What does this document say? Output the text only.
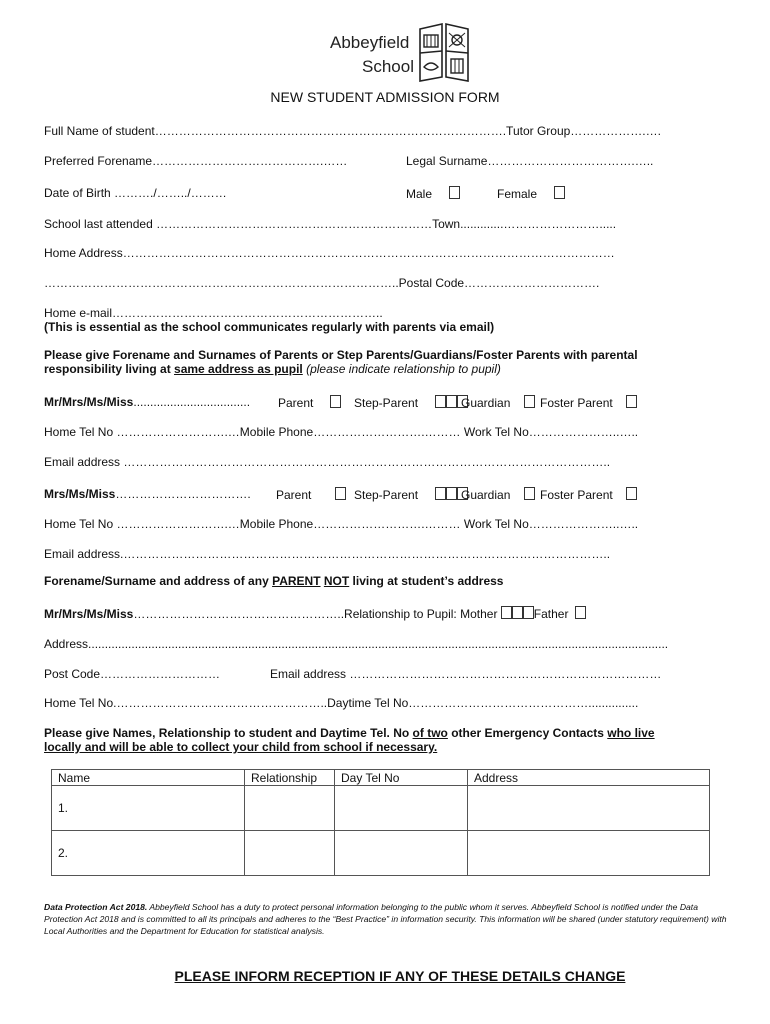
Abbeyfield
School
NEW STUDENT ADMISSION FORM
Full Name of student…………………………………………………………………………….Tutor Group……………….….
Preferred Forename…………………………………….……	Legal Surname……………………………….…..
Date of Birth ………./……../………	Male	Female
School last attended ……………………………………………………………Town.............…………………….....
Home Address……………………………………………………………………………………………………………
……………………………………………………………………………..Postal Code…………………………….
Home e-mail…………………………………………………………..
(This is essential as the school communicates regularly with parents via email)
Please give Forename and Surnames of Parents or Step Parents/Guardians/Foster Parents with parental
responsibility living at same address as pupil (please indicate relationship to pupil)
Mr/Mrs/Ms/Miss................................... Parent	Step-Parent	Guardian	Foster Parent
Home Tel No ……………………….…Mobile Phone……………………….……… Work Tel No…………………..…..
Email address …………………………………………………………………………………………………………..
Mrs/Ms/Miss……………………………. Parent	Step-Parent	Guardian	Foster Parent
Home Tel No ……………………….…Mobile Phone……………………….……… Work Tel No…………………..…..
Email address.…………………………………………………………………………………………………………..
Forename/Surname and address of any PARENT NOT living at student’s address
Mr/Mrs/Ms/Miss……………………………………………..Relationship to Pupil: Mother	Father
Address..............................................................................................................................................................................
Post Code…………………………	Email address ……………………………………………………………………
Home Tel No.……………………………………………..Daytime Tel No………………………………………...............
Please give Names, Relationship to student and Daytime Tel. No of two other Emergency Contacts who live
locally and will be able to collect your child from school if necessary.
Name	Relationship	Day Tel No	Address
1.			
2.			
Data Protection Act 2018. Abbeyfield School has a duty to protect personal information belonging to the public whom it serves. Abbeyfield School is notified under the Data Protection Act 2018 and is committed to all its principals and adheres to the “Best Practice” in information security. This information will be shared (under statutory requirement) with Local Authorities and the Department for Education for statistical analysis.
PLEASE INFORM RECEPTION IF ANY OF THESE DETAILS CHANGE
